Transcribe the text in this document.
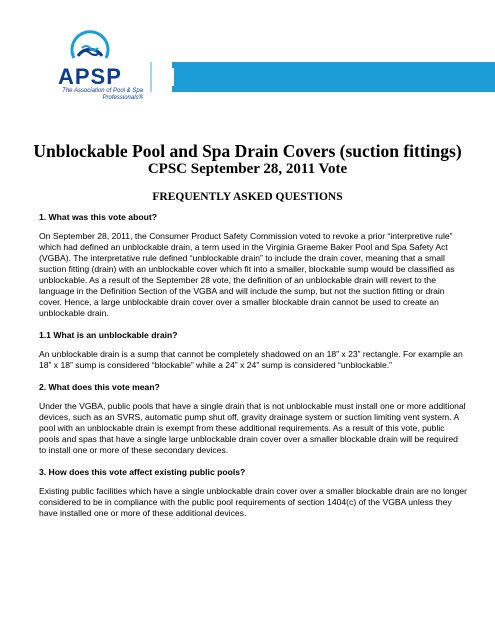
APSP
The Association of Pool & Spa Professionals®
Unblockable Pool and Spa Drain Covers (suction fittings)
CPSC September 28, 2011 Vote
FREQUENTLY ASKED QUESTIONS

1. What was this vote about?

On September 28, 2011, the Consumer Product Safety Commission voted to revoke a prior “interpretive rule” which had defined an unblockable drain, a term used in the Virginia Graeme Baker Pool and Spa Safety Act (VGBA). The interpretative rule defined “unblockable drain” to include the drain cover, meaning that a small suction fitting (drain) with an unblockable cover which fit into a smaller, blockable sump would be classified as unblockable. As a result of the September 28 vote, the definition of an unblockable drain will revert to the language in the Definition Section of the VGBA and will include the sump, but not the suction fitting or drain cover. Hence, a large unblockable drain cover over a smaller blockable drain cannot be used to create an unblockable drain.

1.1 What is an unblockable drain?

An unblockable drain is a sump that cannot be completely shadowed on an 18” x 23” rectangle. For example an 18” x 18” sump is considered “blockable” while a 24” x 24” sump is considered “unblockable.”

2. What does this vote mean?

Under the VGBA, public pools that have a single drain that is not unblockable must install one or more additional devices, such as an SVRS, automatic pump shut off, gravity drainage system or suction limiting vent system. A pool with an unblockable drain is exempt from these additional requirements. As a result of this vote, public pools and spas that have a single large unblockable drain cover over a smaller blockable drain will be required to install one or more of these secondary devices.

3. How does this vote affect existing public pools?

Existing public facilities which have a single unblockable drain cover over a smaller blockable drain are no longer considered to be in compliance with the public pool requirements of section 1404(c) of the VGBA unless they have installed one or more of these additional devices.
